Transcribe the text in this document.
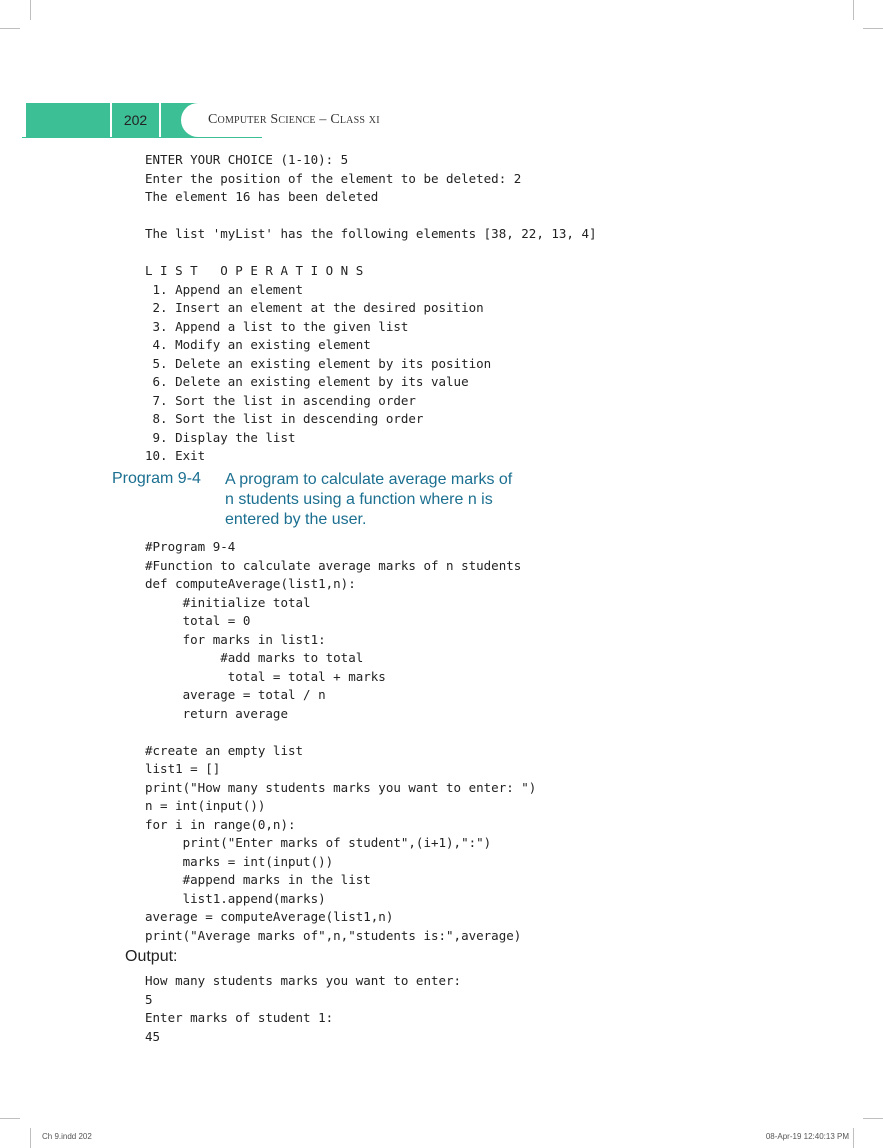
202	Computer Science – Class xi
ENTER YOUR CHOICE (1-10): 5
Enter the position of the element to be deleted: 2
The element 16 has been deleted

The list 'myList' has the following elements [38, 22, 13, 4]

L I S T   O P E R A T I O N S
1. Append an element
2. Insert an element at the desired position
3. Append a list to the given list
4. Modify an existing element
5. Delete an existing element by its position
6. Delete an existing element by its value
7. Sort the list in ascending order
8. Sort the list in descending order
9. Display the list
10. Exit
Program 9-4 A program to calculate average marks of
n students using a function where n is
entered by the user.
#Program 9-4
#Function to calculate average marks of n students
def computeAverage(list1,n):
#initialize total
total = 0
for marks in list1:
#add marks to total
total = total + marks
average = total / n
return average

#create an empty list
list1 = []
print("How many students marks you want to enter: ")
n = int(input())
for i in range(0,n):
print("Enter marks of student",(i+1),":")
marks = int(input())
#append marks in the list
list1.append(marks)
average = computeAverage(list1,n)
print("Average marks of",n,"students is:",average)
Output:
How many students marks you want to enter:
5
Enter marks of student 1:
45
Ch 9.indd 202	08-Apr-19 12:40:13 PM
